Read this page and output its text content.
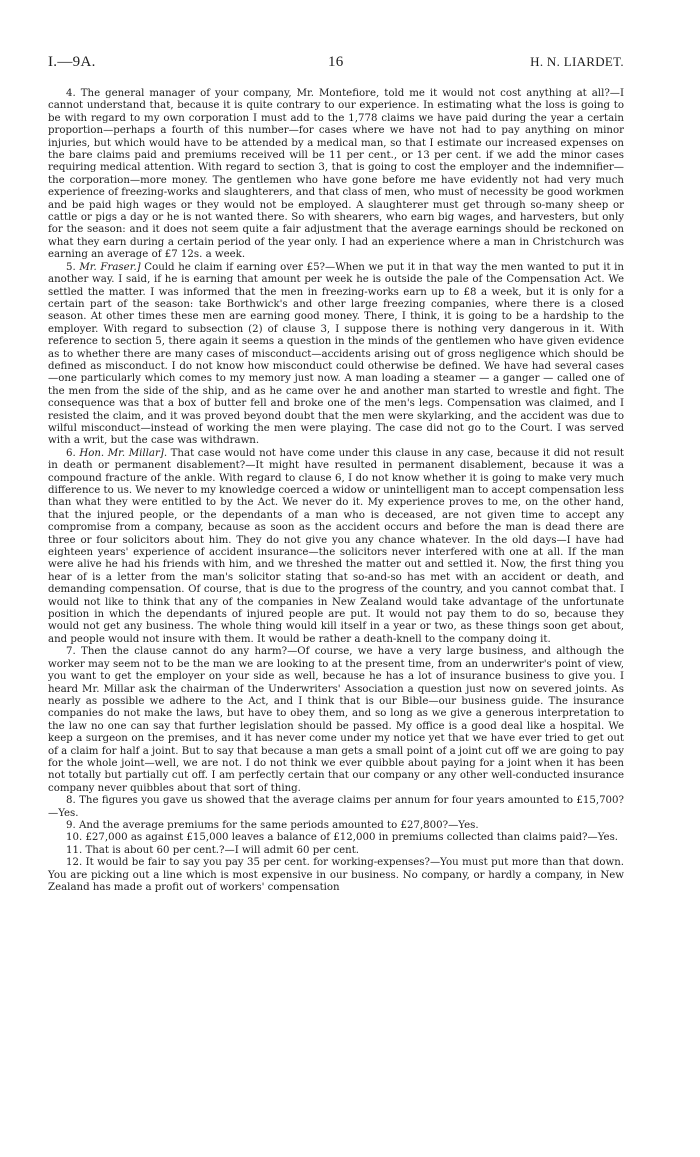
I.—9A.	16	H. N. LIARDET.

4. The general manager of your company, Mr. Montefiore, told me it would not cost anything at all?—I cannot understand that, because it is quite contrary to our experience. In estimating what the loss is going to be with regard to my own corporation I must add to the 1,778 claims we have paid during the year a certain proportion—perhaps a fourth of this number—for cases where we have not had to pay anything on minor injuries, but which would have to be attended by a medical man, so that I estimate our increased expenses on the bare claims paid and premiums received will be 11 per cent., or 13 per cent. if we add the minor cases requiring medical attention. With regard to section 3, that is going to cost the employer and the indemnifier—the corporation—more money. The gentlemen who have gone before me have evidently not had very much experience of freezing-works and slaughterers, and that class of men, who must of necessity be good workmen and be paid high wages or they would not be employed. A slaughterer must get through so-many sheep or cattle or pigs a day or he is not wanted there. So with shearers, who earn big wages, and harvesters, but only for the season: and it does not seem quite a fair adjustment that the average earnings should be reckoned on what they earn during a certain period of the year only. I had an experience where a man in Christchurch was earning an average of £7 12s. a week.

5. Mr. Fraser.] Could he claim if earning over £5?—When we put it in that way the men wanted to put it in another way. I said, if he is earning that amount per week he is outside the pale of the Compensation Act. We settled the matter. I was informed that the men in freezing-works earn up to £8 a week, but it is only for a certain part of the season: take Borthwick's and other large freezing companies, where there is a closed season. At other times these men are earning good money. There, I think, it is going to be a hardship to the employer. With regard to subsection (2) of clause 3, I suppose there is nothing very dangerous in it. With reference to section 5, there again it seems a question in the minds of the gentlemen who have given evidence as to whether there are many cases of misconduct—accidents arising out of gross negligence which should be defined as misconduct. I do not know how misconduct could otherwise be defined. We have had several cases—one particularly which comes to my memory just now. A man loading a steamer — a ganger — called one of the men from the side of the ship, and as he came over he and another man started to wrestle and fight. The consequence was that a box of butter fell and broke one of the men's legs. Compensation was claimed, and I resisted the claim, and it was proved beyond doubt that the men were skylarking, and the accident was due to wilful misconduct—instead of working the men were playing. The case did not go to the Court. I was served with a writ, but the case was withdrawn.

6. Hon. Mr. Millar]. That case would not have come under this clause in any case, because it did not result in death or permanent disablement?—It might have resulted in permanent disablement, because it was a compound fracture of the ankle. With regard to clause 6, I do not know whether it is going to make very much difference to us. We never to my knowledge coerced a widow or unintelligent man to accept compensation less than what they were entitled to by the Act. We never do it. My experience proves to me, on the other hand, that the injured people, or the dependants of a man who is deceased, are not given time to accept any compromise from a company, because as soon as the accident occurs and before the man is dead there are three or four solicitors about him. They do not give you any chance whatever. In the old days—I have had eighteen years' experience of accident insurance—the solicitors never interfered with one at all. If the man were alive he had his friends with him, and we threshed the matter out and settled it. Now, the first thing you hear of is a letter from the man's solicitor stating that so-and-so has met with an accident or death, and demanding compensation. Of course, that is due to the progress of the country, and you cannot combat that. I would not like to think that any of the companies in New Zealand would take advantage of the unfortunate position in which the dependants of injured people are put. It would not pay them to do so, because they would not get any business. The whole thing would kill itself in a year or two, as these things soon get about, and people would not insure with them. It would be rather a death-knell to the company doing it.

7. Then the clause cannot do any harm?—Of course, we have a very large business, and although the worker may seem not to be the man we are looking to at the present time, from an underwriter's point of view, you want to get the employer on your side as well, because he has a lot of insurance business to give you. I heard Mr. Millar ask the chairman of the Underwriters' Association a question just now on severed joints. As nearly as possible we adhere to the Act, and I think that is our Bible—our business guide. The insurance companies do not make the laws, but have to obey them, and so long as we give a generous interpretation to the law no one can say that further legislation should be passed. My office is a good deal like a hospital. We keep a surgeon on the premises, and it has never come under my notice yet that we have ever tried to get out of a claim for half a joint. But to say that because a man gets a small point of a joint cut off we are going to pay for the whole joint—well, we are not. I do not think we ever quibble about paying for a joint when it has been not totally but partially cut off. I am perfectly certain that our company or any other well-conducted insurance company never quibbles about that sort of thing.

8. The figures you gave us showed that the average claims per annum for four years amounted to £15,700?—Yes.

9. And the average premiums for the same periods amounted to £27,800?—Yes.

10. £27,000 as against £15,000 leaves a balance of £12,000 in premiums collected than claims paid?—Yes.

11. That is about 60 per cent.?—I will admit 60 per cent.

12. It would be fair to say you pay 35 per cent. for working-expenses?—You must put more than that down. You are picking out a line which is most expensive in our business. No company, or hardly a company, in New Zealand has made a profit out of workers' compensation
